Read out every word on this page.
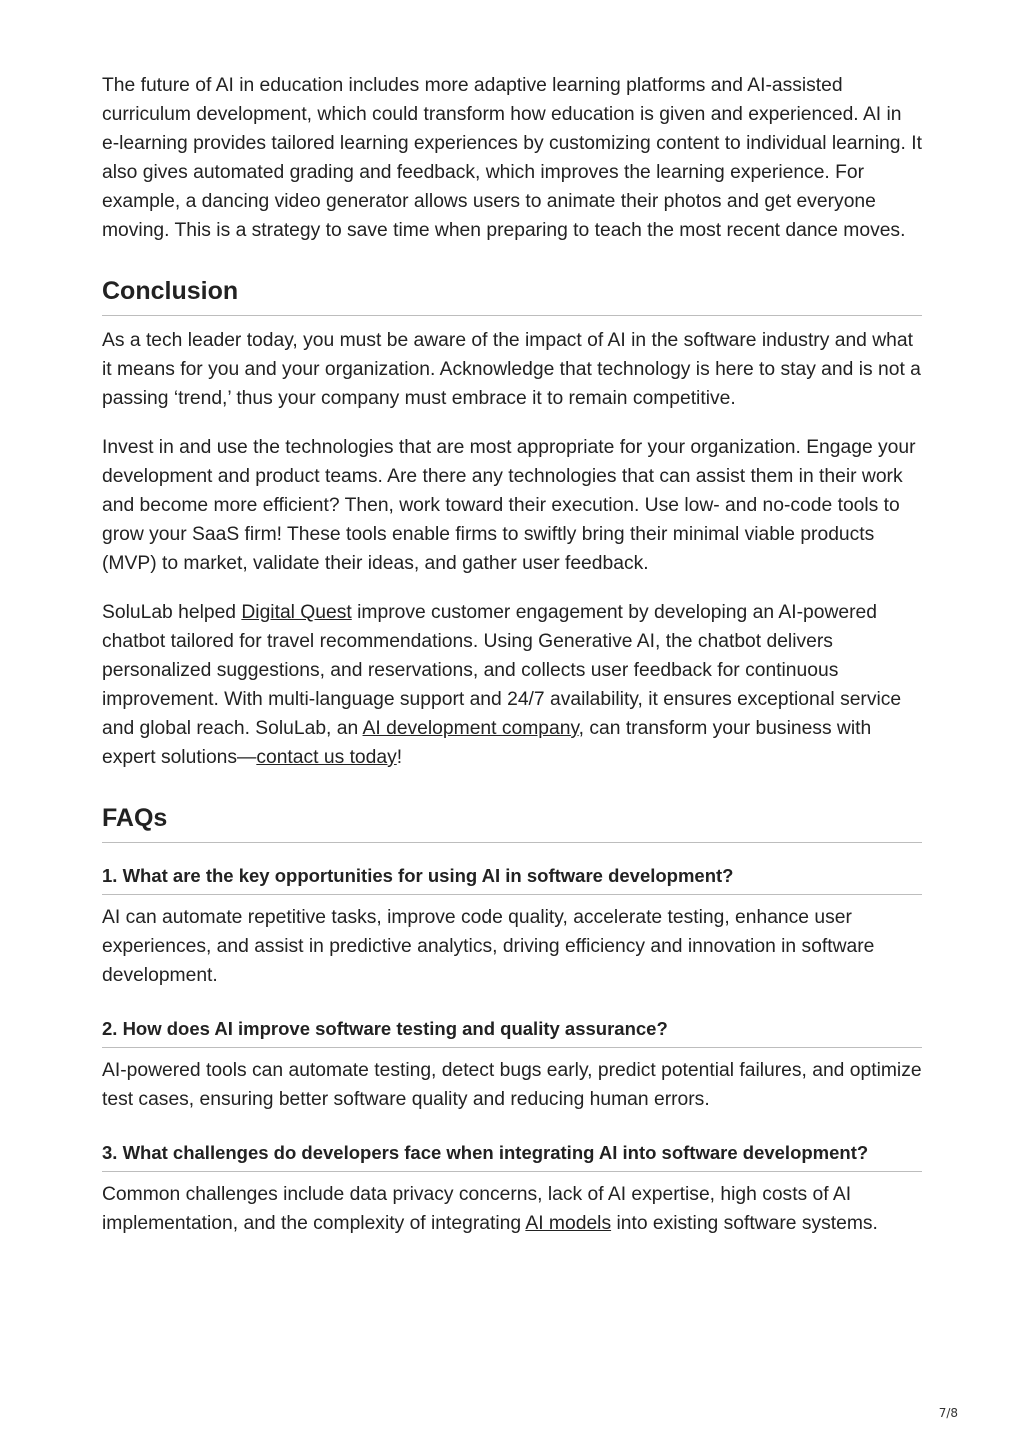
The future of AI in education includes more adaptive learning platforms and AI-assisted curriculum development, which could transform how education is given and experienced. AI in e-learning provides tailored learning experiences by customizing content to individual learning. It also gives automated grading and feedback, which improves the learning experience. For example, a dancing video generator allows users to animate their photos and get everyone moving. This is a strategy to save time when preparing to teach the most recent dance moves.

Conclusion

As a tech leader today, you must be aware of the impact of AI in the software industry and what it means for you and your organization. Acknowledge that technology is here to stay and is not a passing ‘trend,’ thus your company must embrace it to remain competitive.

Invest in and use the technologies that are most appropriate for your organization. Engage your development and product teams. Are there any technologies that can assist them in their work and become more efficient? Then, work toward their execution. Use low- and no-code tools to grow your SaaS firm! These tools enable firms to swiftly bring their minimal viable products (MVP) to market, validate their ideas, and gather user feedback.

SoluLab helped Digital Quest improve customer engagement by developing an AI-powered chatbot tailored for travel recommendations. Using Generative AI, the chatbot delivers personalized suggestions, and reservations, and collects user feedback for continuous improvement. With multi-language support and 24/7 availability, it ensures exceptional service and global reach. SoluLab, an AI development company, can transform your business with expert solutions—contact us today!

FAQs
1. What are the key opportunities for using AI in software development?

AI can automate repetitive tasks, improve code quality, accelerate testing, enhance user experiences, and assist in predictive analytics, driving efficiency and innovation in software development.

2. How does AI improve software testing and quality assurance?

AI-powered tools can automate testing, detect bugs early, predict potential failures, and optimize test cases, ensuring better software quality and reducing human errors.

3. What challenges do developers face when integrating AI into software development?

Common challenges include data privacy concerns, lack of AI expertise, high costs of AI implementation, and the complexity of integrating AI models into existing software systems.

7/8
